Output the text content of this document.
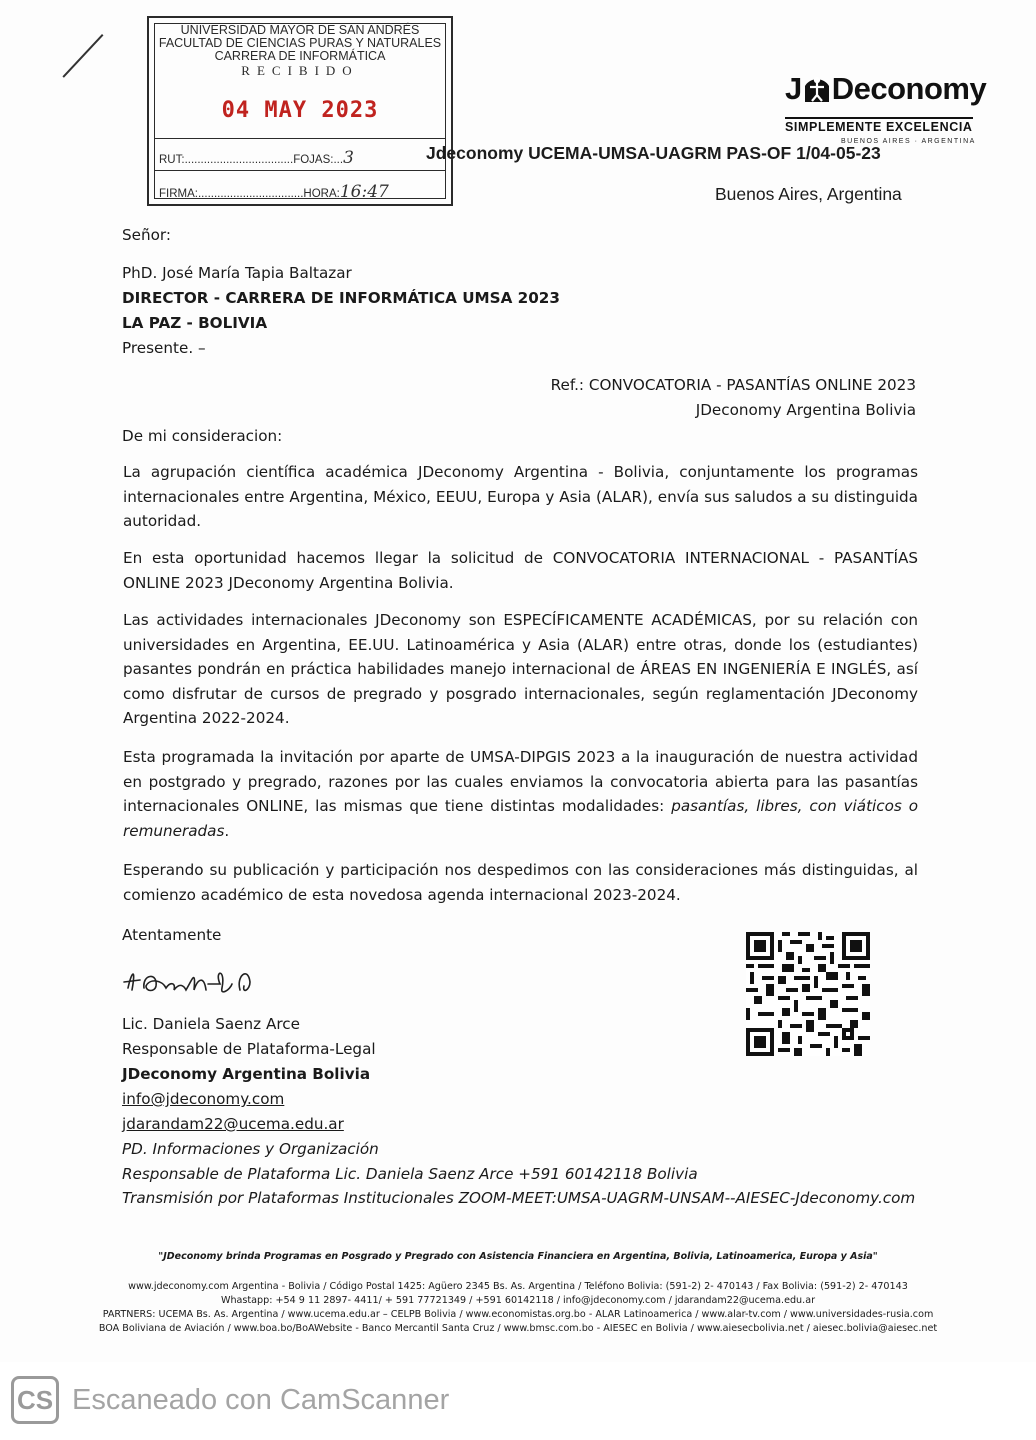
UNIVERSIDAD MAYOR DE SAN ANDRÉS
FACULTAD DE CIENCIAS PURAS Y NATURALES
CARRERA DE INFORMÁTICA
RECIBIDO
04 MAY 2023
RUT:..................................FOJAS:...3
FIRMA:.................................HORA:16:47
J Deconomy
SIMPLEMENTE EXCELENCIA
BUENOS AIRES · ARGENTINA
Jdeconomy UCEMA-UMSA-UAGRM PAS-OF 1/04-05-23
Buenos Aires, Argentina
Señor:
PhD. José María Tapia Baltazar
DIRECTOR - CARRERA DE INFORMÁTICA UMSA 2023
LA PAZ - BOLIVIA
Presente. –
Ref.: CONVOCATORIA - PASANTÍAS ONLINE 2023
JDeconomy Argentina Bolivia
De mi consideracion:
La agrupación científica académica JDeconomy Argentina - Bolivia, conjuntamente los programas internacionales entre Argentina, México, EEUU, Europa y Asia (ALAR), envía sus saludos a su distinguida autoridad.
En esta oportunidad hacemos llegar la solicitud de CONVOCATORIA INTERNACIONAL - PASANTÍAS ONLINE 2023 JDeconomy Argentina Bolivia.
Las actividades internacionales JDeconomy son ESPECÍFICAMENTE ACADÉMICAS, por su relación con universidades en Argentina, EE.UU. Latinoamérica y Asia (ALAR) entre otras, donde los (estudiantes) pasantes pondrán en práctica habilidades manejo internacional de ÁREAS EN INGENIERÍA E INGLÉS, así como disfrutar de cursos de pregrado y posgrado internacionales, según reglamentación JDeconomy Argentina 2022-2024.
Esta programada la invitación por aparte de UMSA-DIPGIS 2023 a la inauguración de nuestra actividad en postgrado y pregrado, razones por las cuales enviamos la convocatoria abierta para las pasantías internacionales ONLINE, las mismas que tiene distintas modalidades: pasantías, libres, con viáticos o remuneradas.
Esperando su publicación y participación nos despedimos con las consideraciones más distinguidas, al comienzo académico de esta novedosa agenda internacional 2023-2024.
Atentamente
Lic. Daniela Saenz Arce
Responsable de Plataforma-Legal
JDeconomy Argentina Bolivia
info@jdeconomy.com
jdarandam22@ucema.edu.ar
PD. Informaciones y Organización
Responsable de Plataforma Lic. Daniela Saenz Arce +591 60142118 Bolivia
Transmisión por Plataformas Institucionales ZOOM-MEET:UMSA-UAGRM-UNSAM--AIESEC-Jdeconomy.com
"JDeconomy brinda Programas en Posgrado y Pregrado con Asistencia Financiera en Argentina, Bolivia, Latinoamerica, Europa y Asia"
www.jdeconomy.com Argentina - Bolivia / Código Postal 1425: Agüero 2345 Bs. As. Argentina / Teléfono Bolivia: (591-2) 2- 470143 / Fax Bolivia: (591-2) 2- 470143
Whastapp: +54 9 11 2897- 4411/ + 591 77721349 / +591 60142118 / info@jdeconomy.com / jdarandam22@ucema.edu.ar
PARTNERS: UCEMA Bs. As. Argentina / www.ucema.edu.ar – CELPB Bolivia / www.economistas.org.bo - ALAR Latinoamerica / www.alar-tv.com / www.universidades-rusia.com
BOA Boliviana de Aviación / www.boa.bo/BoAWebsite - Banco Mercantil Santa Cruz / www.bmsc.com.bo - AIESEC en Bolivia / www.aiesecbolivia.net / aiesec.bolivia@aiesec.net
CS Escaneado con CamScanner
